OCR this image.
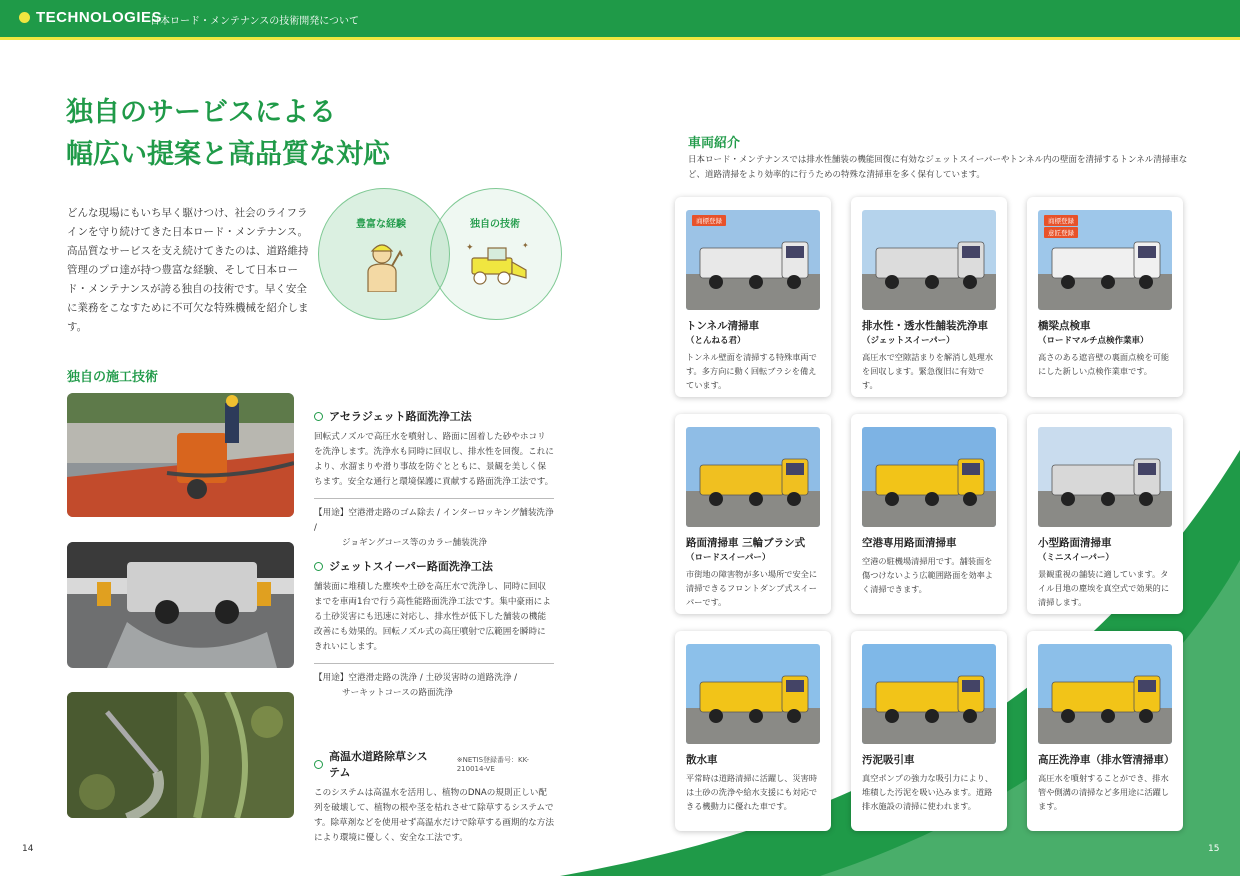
TECHNOLOGIES
日本ロード・メンテナンスの技術開発について
独自のサービスによる
幅広い提案と高品質な対応
どんな現場にもいち早く駆けつけ、社会のライフラインを守り続けてきた日本ロード・メンテナンス。高品質なサービスを支え続けてきたのは、道路維持管理のプロ達が持つ豊富な経験、そして日本ロード・メンテナンスが誇る独自の技術です。早く安全に業務をこなすために不可欠な特殊機械を紹介します。
豊富な経験	独自の技術
✦	✦
独自の施工技術
アセラジェット路面洗浄工法
回転式ノズルで高圧水を噴射し、路面に固着した砂やホコリを洗浄します。洗浄水も同時に回収し、排水性を回復。これにより、水溜まりや滑り事故を防ぐとともに、景観を美しく保ちます。安全な通行と環境保護に貢献する路面洗浄工法です。
【用途】空港滑走路のゴム除去 / インターロッキング舗装洗浄 /
ジョギングコース等のカラー舗装洗浄
ジェットスイーパー路面洗浄工法
舗装面に堆積した塵埃や土砂を高圧水で洗浄し、同時に回収までを車両1台で行う高性能路面洗浄工法です。集中豪雨による土砂災害にも迅速に対応し、排水性が低下した舗装の機能改善にも効果的。回転ノズル式の高圧噴射で広範囲を瞬時にきれいにします。
【用途】空港滑走路の洗浄 / 土砂災害時の道路洗浄 /
サーキットコースの路面洗浄
高温水道路除草システム
※NETIS登録番号：KK-210014-VE
このシステムは高温水を活用し、植物のDNAの規則正しい配列を破壊して、植物の根や茎を枯れさせて除草するシステムです。除草剤などを使用せず高温水だけで除草する画期的な方法により環境に優しく、安全な工法です。
車両紹介
日本ロード・メンテナンスでは排水性舗装の機能回復に有効なジェットスイーパーやトンネル内の壁面を清掃するトンネル清掃車など、道路清掃をより効率的に行うための特殊な清掃車を多く保有しています。
商標登録
トンネル清掃車
（とんねる君）
トンネル壁面を清掃する特殊車両です。多方向に動く回転ブラシを備えています。
排水性・透水性舗装洗浄車
（ジェットスイーパー）
高圧水で空隙詰まりを解消し処理水を回収します。緊急復旧に有効です。
商標登録
意匠登録
橋梁点検車
（ロードマルチ点検作業車）
高さのある遮音壁の裏面点検を可能にした新しい点検作業車です。
路面清掃車 三輪ブラシ式
（ロードスイーパー）
市街地の障害物が多い場所で安全に清掃できるフロントダンプ式スイーパーです。
空港専用路面清掃車
空港の駐機場清掃用です。舗装面を傷つけないよう広範囲路面を効率よく清掃できます。
小型路面清掃車
（ミニスイーパー）
景観重視の舗装に適しています。タイル目地の塵埃を真空式で効果的に清掃します。
散水車
平常時は道路清掃に活躍し、災害時は土砂の洗浄や給水支援にも対応できる機動力に優れた車です。
汚泥吸引車
真空ポンプの強力な吸引力により、堆積した汚泥を吸い込みます。道路排水施設の清掃に使われます。
高圧洗浄車（排水管清掃車）
高圧水を噴射することができ、排水管や側溝の清掃など多用途に活躍します。
14	15
